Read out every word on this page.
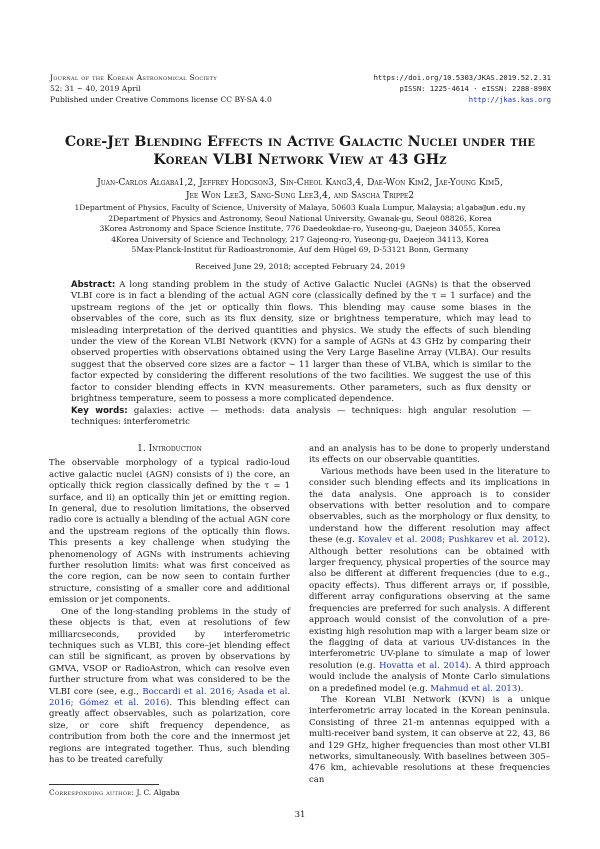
Journal of the Korean Astronomical Society
52: 31 ∼ 40, 2019 April
Published under Creative Commons license CC BY-SA 4.0
https://doi.org/10.5303/JKAS.2019.52.2.31
pISSN: 1225-4614 · eISSN: 2288-890X
http://jkas.kas.org
Core-Jet Blending Effects in Active Galactic Nuclei under the
Korean VLBI Network View at 43 GHz
Juan-Carlos Algaba1,2, Jeffrey Hodgson3, Sin-Cheol Kang3,4, Dae-Won Kim2, Jae-Young Kim5,
Jee Won Lee3, Sang-Sung Lee3,4, and Sascha Trippe2
1Department of Physics, Faculty of Science, University of Malaya, 50603 Kuala Lumpur, Malaysia; algaba@um.edu.my
2Department of Physics and Astronomy, Seoul National University, Gwanak-gu, Seoul 08826, Korea
3Korea Astronomy and Space Science Institute, 776 Daedeokdae-ro, Yuseong-gu, Daejeon 34055, Korea
4Korea University of Science and Technology, 217 Gajeong-ro, Yuseong-gu, Daejeon 34113, Korea
5Max-Planck-Institut für Radioastronomie, Auf dem Hügel 69, D-53121 Bonn, Germany
Received June 29, 2018; accepted February 24, 2019
Abstract: A long standing problem in the study of Active Galactic Nuclei (AGNs) is that the observed VLBI core is in fact a blending of the actual AGN core (classically defined by the τ = 1 surface) and the upstream regions of the jet or optically thin flows. This blending may cause some biases in the observables of the core, such as its flux density, size or brightness temperature, which may lead to misleading interpretation of the derived quantities and physics. We study the effects of such blending under the view of the Korean VLBI Network (KVN) for a sample of AGNs at 43 GHz by comparing their observed properties with observations obtained using the Very Large Baseline Array (VLBA). Our results suggest that the observed core sizes are a factor ∼ 11 larger than these of VLBA, which is similar to the factor expected by considering the different resolutions of the two facilities. We suggest the use of this factor to consider blending effects in KVN measurements. Other parameters, such as flux density or brightness temperature, seem to possess a more complicated dependence.
Key words: galaxies: active — methods: data analysis — techniques: high angular resolution — techniques: interferometric
1. Introduction

The observable morphology of a typical radio-loud active galactic nuclei (AGN) consists of i) the core, an optically thick region classically defined by the τ = 1 surface, and ii) an optically thin jet or emitting region. In general, due to resolution limitations, the observed radio core is actually a blending of the actual AGN core and the upstream regions of the optically thin flows. This presents a key challenge when studying the phenomenology of AGNs with instruments achieving further resolution limits: what was first conceived as the core region, can be now seen to contain further structure, consisting of a smaller core and additional emission or jet components.

One of the long-standing problems in the study of these objects is that, even at resolutions of few milliarcseconds, provided by interferometric techniques such as VLBI, this core–jet blending effect can still be significant, as proven by observations by GMVA, VSOP or RadioAstron, which can resolve even further structure from what was considered to be the VLBI core (see, e.g., Boccardi et al. 2016; Asada et al. 2016; Gómez et al. 2016). This blending effect can greatly affect observables, such as polarization, core size, or core shift frequency dependence, as contribution from both the core and the innermost jet regions are integrated together. Thus, such blending has to be treated carefully

and an analysis has to be done to properly understand its effects on our observable quantities.

Various methods have been used in the literature to consider such blending effects and its implications in the data analysis. One approach is to consider observations with better resolution and to compare observables, such as the morphology or flux density, to understand how the different resolution may affect these (e.g. Kovalev et al. 2008; Pushkarev et al. 2012). Although better resolutions can be obtained with larger frequency, physical properties of the source may also be different at different frequencies (due to e.g., opacity effects). Thus different arrays or, if possible, different array configurations observing at the same frequencies are preferred for such analysis. A different approach would consist of the convolution of a pre-existing high resolution map with a larger beam size or the flagging of data at various UV-distances in the interferometric UV-plane to simulate a map of lower resolution (e.g. Hovatta et al. 2014). A third approach would include the analysis of Monte Carlo simulations on a predefined model (e.g. Mahmud et al. 2013).

The Korean VLBI Network (KVN) is a unique interferometric array located in the Korean peninsula. Consisting of three 21-m antennas equipped with a multi-receiver band system, it can observe at 22, 43, 86 and 129 GHz, higher frequencies than most other VLBI networks, simultaneously. With baselines between 305–476 km, achievable resolutions at these frequencies can

Corresponding author: J. C. Algaba
31
